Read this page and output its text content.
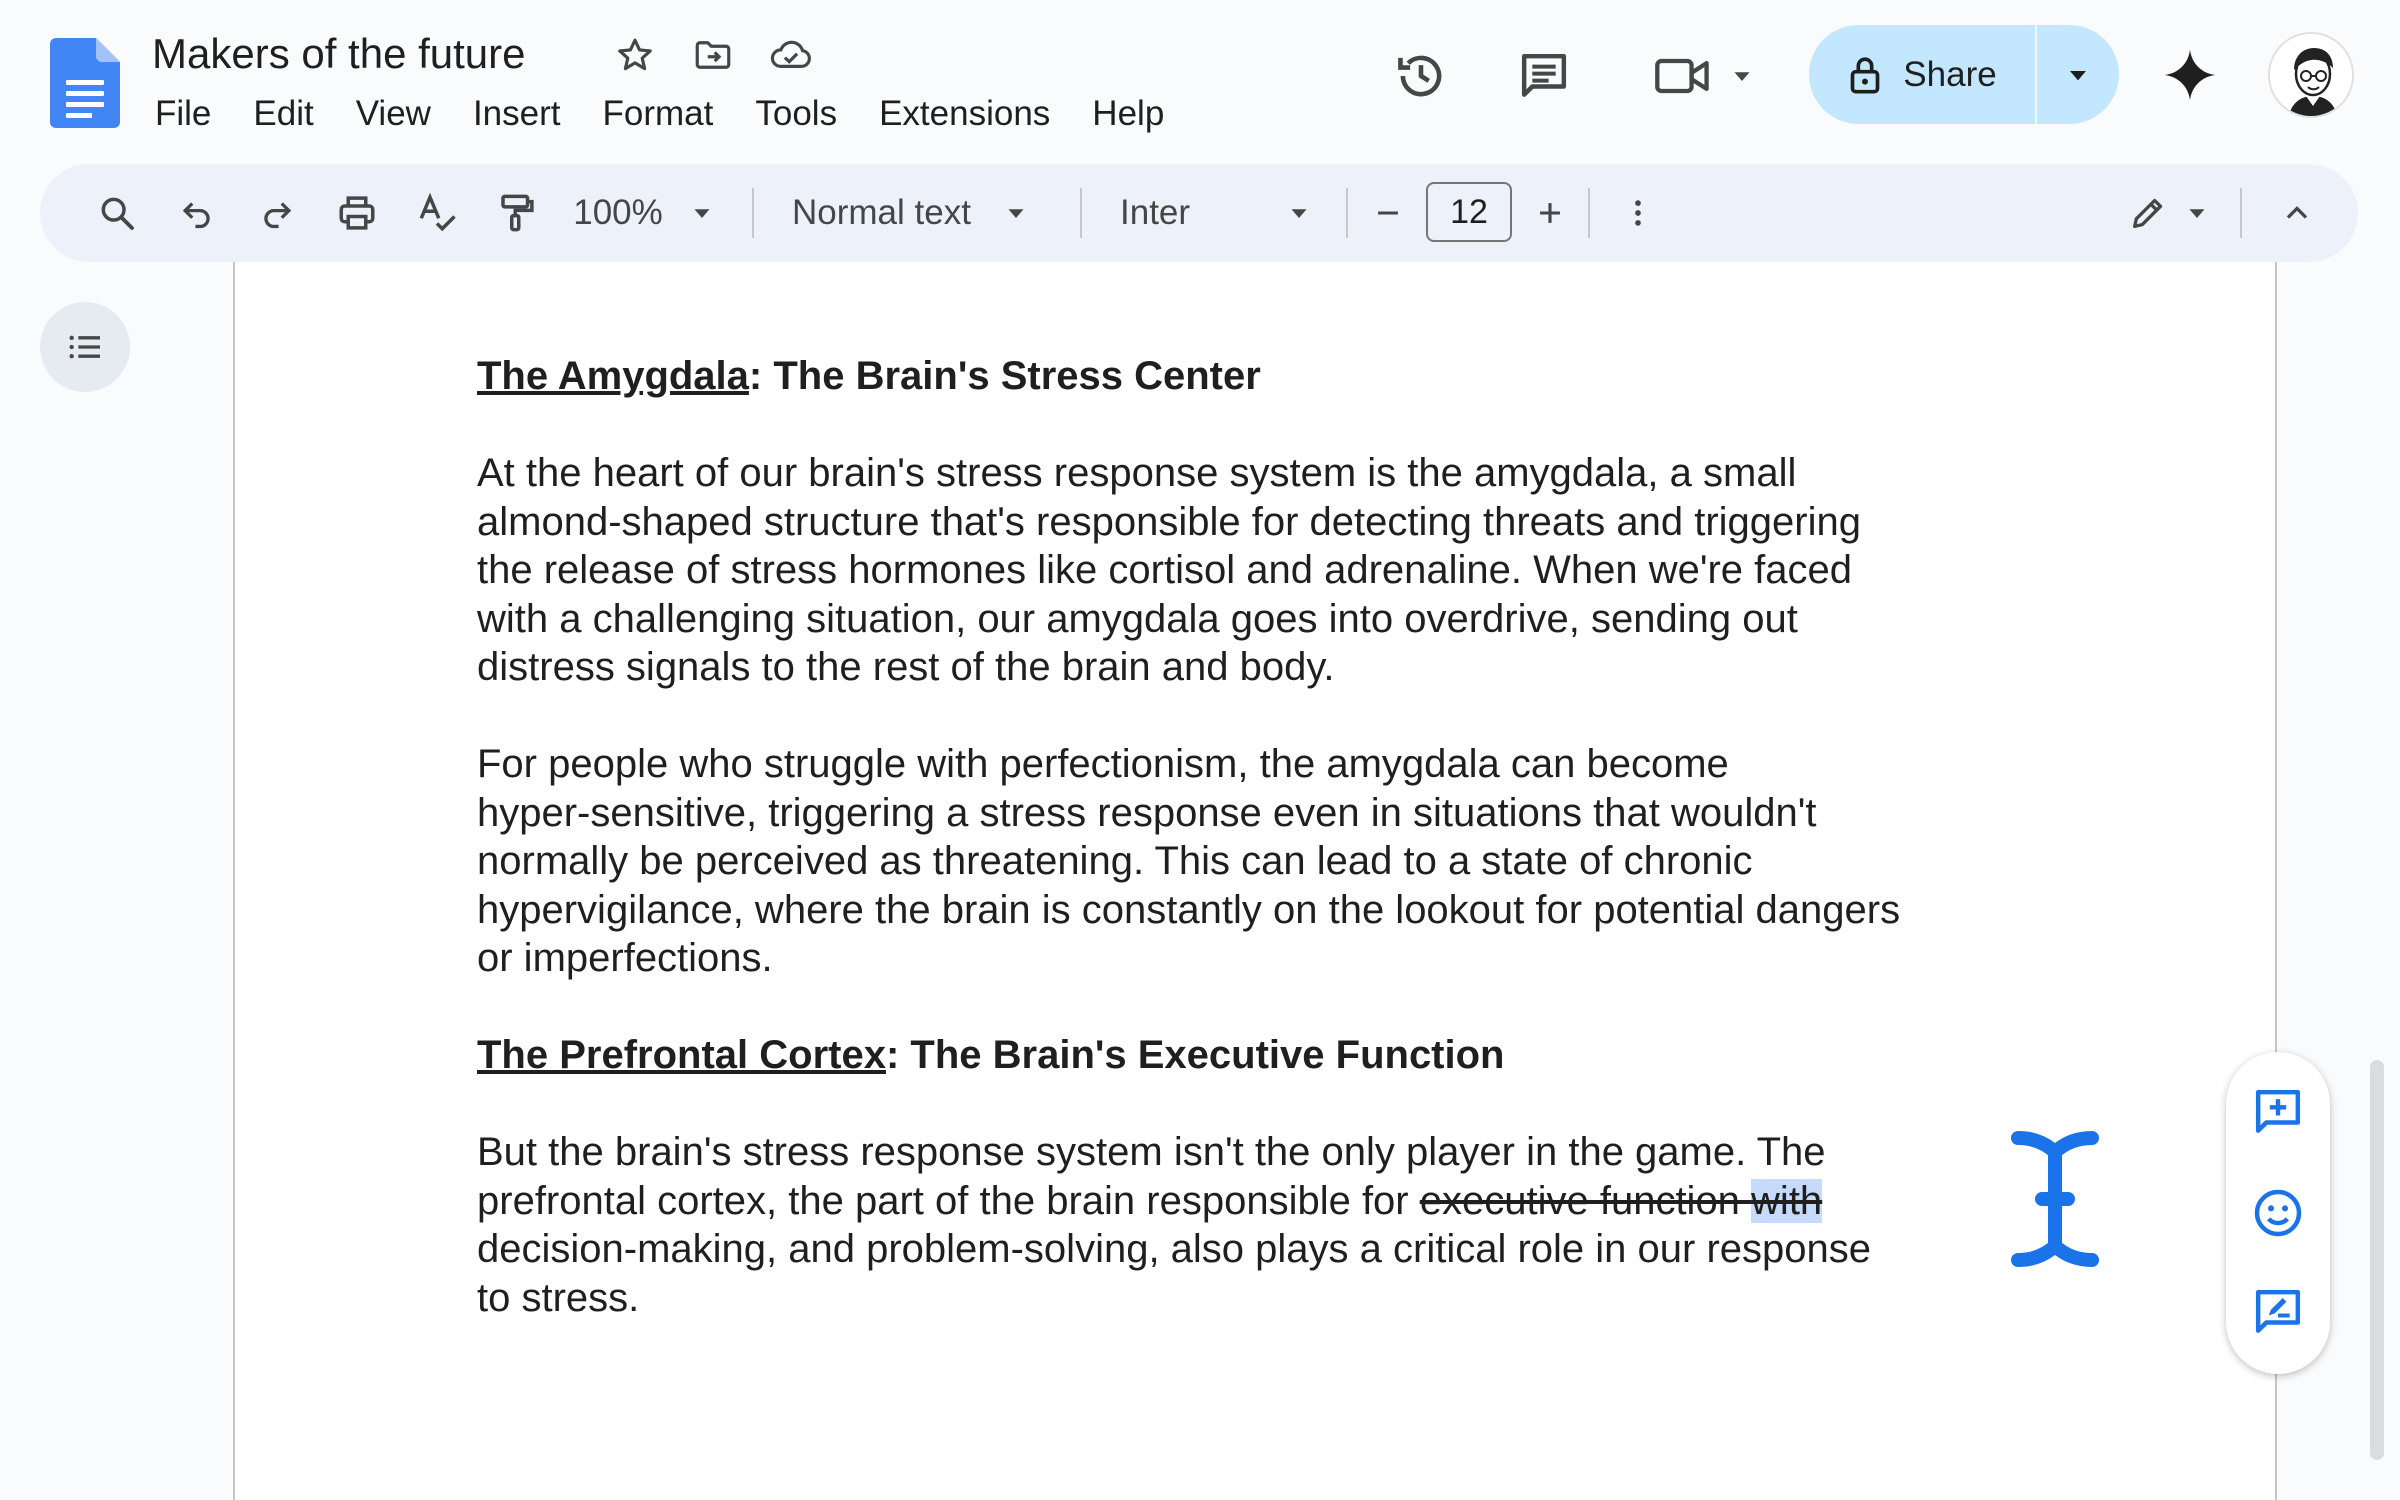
Makers of the future
File	Edit	View	Insert	Format	Tools	Extensions	Help
Share
100%	Normal text	Inter	12

The Amygdala: The Brain's Stress Center

At the heart of our brain's stress response system is the amygdala, a small

almond-shaped structure that's responsible for detecting threats and triggering

the release of stress hormones like cortisol and adrenaline. When we're faced

with a challenging situation, our amygdala goes into overdrive, sending out

distress signals to the rest of the brain and body.

For people who struggle with perfectionism, the amygdala can become

hyper-sensitive, triggering a stress response even in situations that wouldn't

normally be perceived as threatening. This can lead to a state of chronic

hypervigilance, where the brain is constantly on the lookout for potential dangers

or imperfections.

The Prefrontal Cortex: The Brain's Executive Function

But the brain's stress response system isn't the only player in the game. The

prefrontal cortex, the part of the brain responsible for executive function with

decision-making, and problem-solving, also plays a critical role in our response

to stress.
